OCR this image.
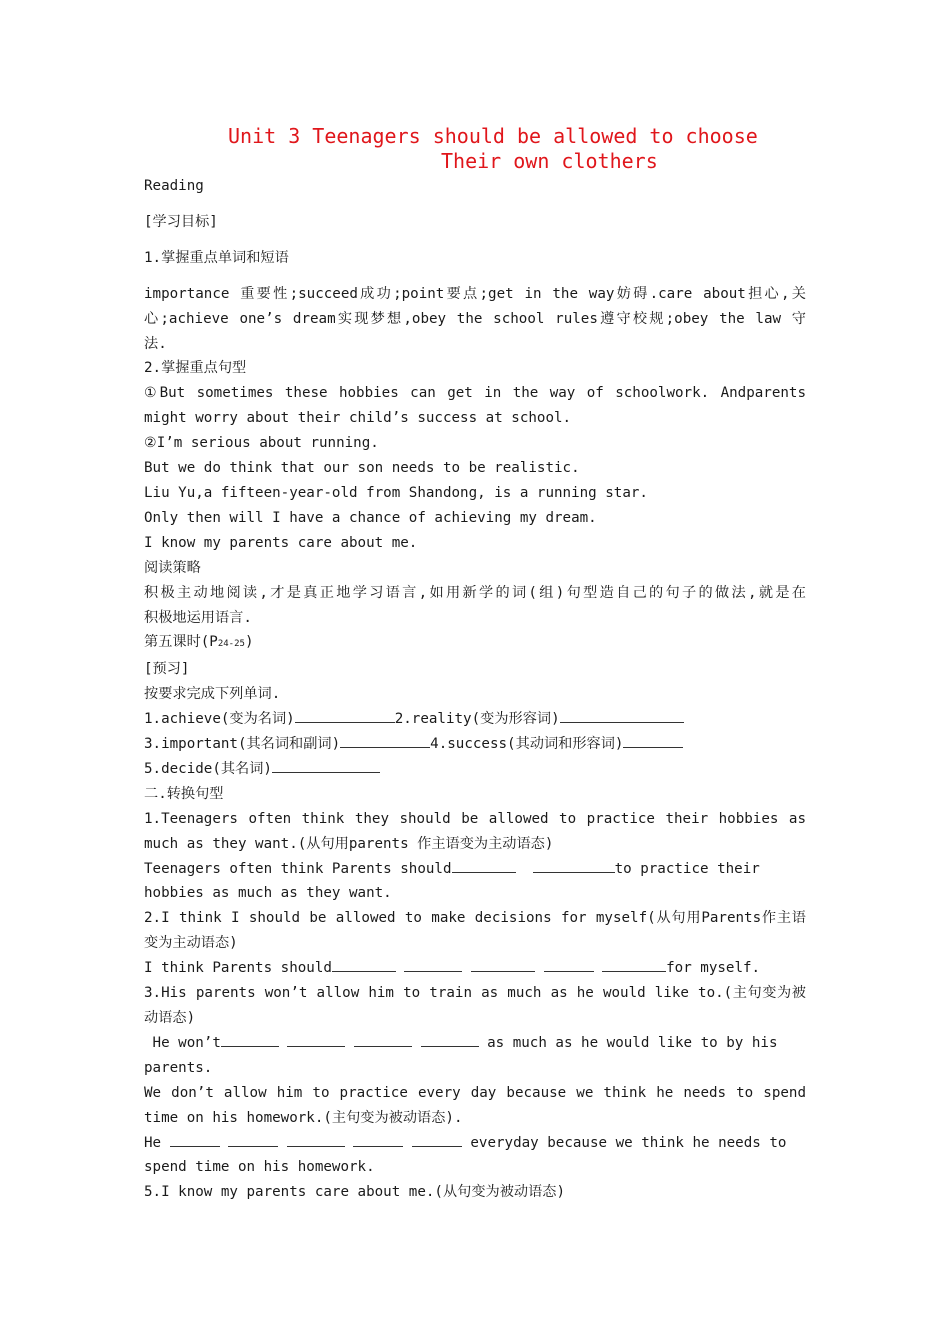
Unit 3 Teenagers should be allowed to choose
Their own clothers
Reading
[学习目标]
1.掌握重点单词和短语
importance 重要性;succeed成功;point要点;get in the way妨碍.care about担心,关
心;achieve one’s dream实现梦想,obey the school rules遵守校规;obey the law 守
法.
2.掌握重点句型
①But sometimes these hobbies can get in the way of schoolwork. Andparents
might worry about their child’s success at school.
②I’m serious about running.
But we do think that our son needs to be realistic.
Liu Yu,a fifteen-year-old from Shandong, is a running star.
Only then will I have a chance of achieving my dream.
I know my parents care about me.
阅读策略
积极主动地阅读,才是真正地学习语言,如用新学的词(组)句型造自己的句子的做法,就是在
积极地运用语言.
第五课时(P24-25)
[预习]
按要求完成下列单词.
1.achieve(变为名词)	2.reality(变为形容词)
3.important(其名词和副词)	4.success(其动词和形容词)
5.decide(其名词)
二.转换句型
1.Teenagers often think they should be allowed to practice their hobbies as
much as they want.(从句用parents 作主语变为主动语态)
Teenagers often think Parents should	to practice their
hobbies as much as they want.
2.I think I should be allowed to make decisions for myself(从句用Parents作主语
变为主动语态)
I think Parents should	for myself.
3.His parents won’t allow him to train as much as he would like to.(主句变为被
动语态)
He won’t	as much as he would like to by his
parents.
We don’t allow him to practice every day because we think he needs to spend
time on his homework.(主句变为被动语态).
He	everyday because we think he needs to
spend time on his homework.
5.I know my parents care about me.(从句变为被动语态)
